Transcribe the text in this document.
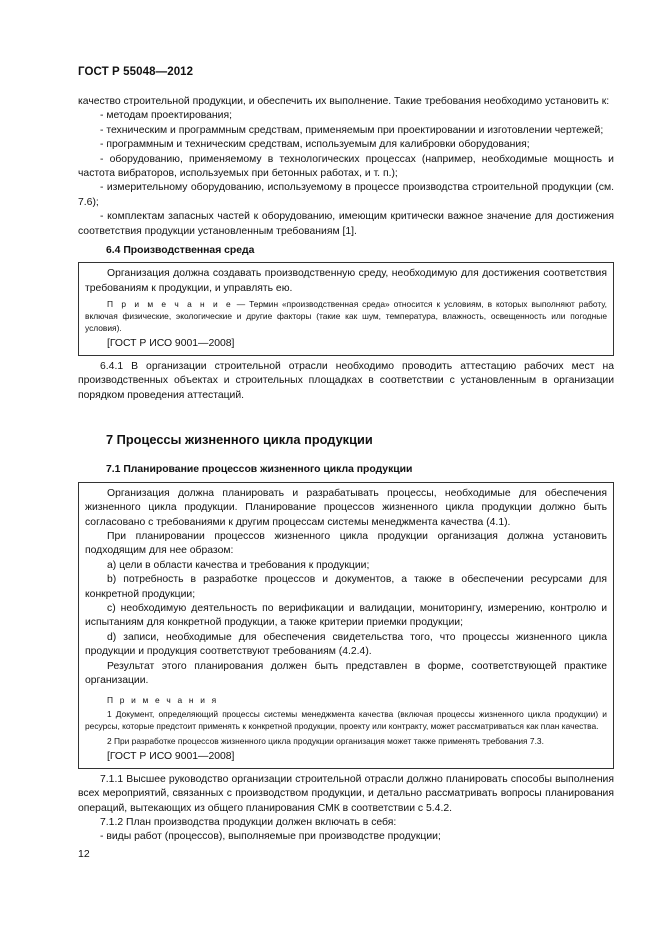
ГОСТ Р 55048—2012

качество строительной продукции, и обеспечить их выполнение. Такие требования необходимо установить к:

- методам проектирования;

- техническим и программным средствам, применяемым при проектировании и изготовлении чертежей;

- программным и техническим средствам, используемым для калибровки оборудования;

- оборудованию, применяемому в технологических процессах (например, необходимые мощность и частота вибраторов, используемых при бетонных работах, и т. п.);

- измерительному оборудованию, используемому в процессе производства строительной продукции (см. 7.6);

- комплектам запасных частей к оборудованию, имеющим критически важное значение для достижения соответствия продукции установленным требованиям [1].

6.4 Производственная среда

Организация должна создавать производственную среду, необходимую для достижения соответствия требованиям к продукции, и управлять ею.

П р и м е ч а н и е — Термин «производственная среда» относится к условиям, в которых выполняют работу, включая физические, экологические и другие факторы (такие как шум, температура, влажность, освещенность или погодные условия).

[ГОСТ Р ИСО 9001—2008]

6.4.1 В организации строительной отрасли необходимо проводить аттестацию рабочих мест на производственных объектах и строительных площадках в соответствии с установленным в организации порядком проведения аттестаций.

7 Процессы жизненного цикла продукции

7.1 Планирование процессов жизненного цикла продукции

Организация должна планировать и разрабатывать процессы, необходимые для обеспечения жизненного цикла продукции. Планирование процессов жизненного цикла продукции должно быть согласовано с требованиями к другим процессам системы менеджмента качества (4.1).

При планировании процессов жизненного цикла продукции организация должна установить подходящим для нее образом:

a) цели в области качества и требования к продукции;

b) потребность в разработке процессов и документов, а также в обеспечении ресурсами для конкретной продукции;

c) необходимую деятельность по верификации и валидации, мониторингу, измерению, контролю и испытаниям для конкретной продукции, а также критерии приемки продукции;

d) записи, необходимые для обеспечения свидетельства того, что процессы жизненного цикла продукции и продукция соответствуют требованиям (4.2.4).

Результат этого планирования должен быть представлен в форме, соответствующей практике организации.

П р и м е ч а н и я

1 Документ, определяющий процессы системы менеджмента качества (включая процессы жизненного цикла продукции) и ресурсы, которые предстоит применять к конкретной продукции, проекту или контракту, может рассматриваться как план качества.

2 При разработке процессов жизненного цикла продукции организация может также применять требования 7.3.

[ГОСТ Р ИСО 9001—2008]

7.1.1 Высшее руководство организации строительной отрасли должно планировать способы выполнения всех мероприятий, связанных с производством продукции, и детально рассматривать вопросы планирования операций, вытекающих из общего планирования СМК в соответствии с 5.4.2.

7.1.2 План производства продукции должен включать в себя:

- виды работ (процессов), выполняемые при производстве продукции;

12
